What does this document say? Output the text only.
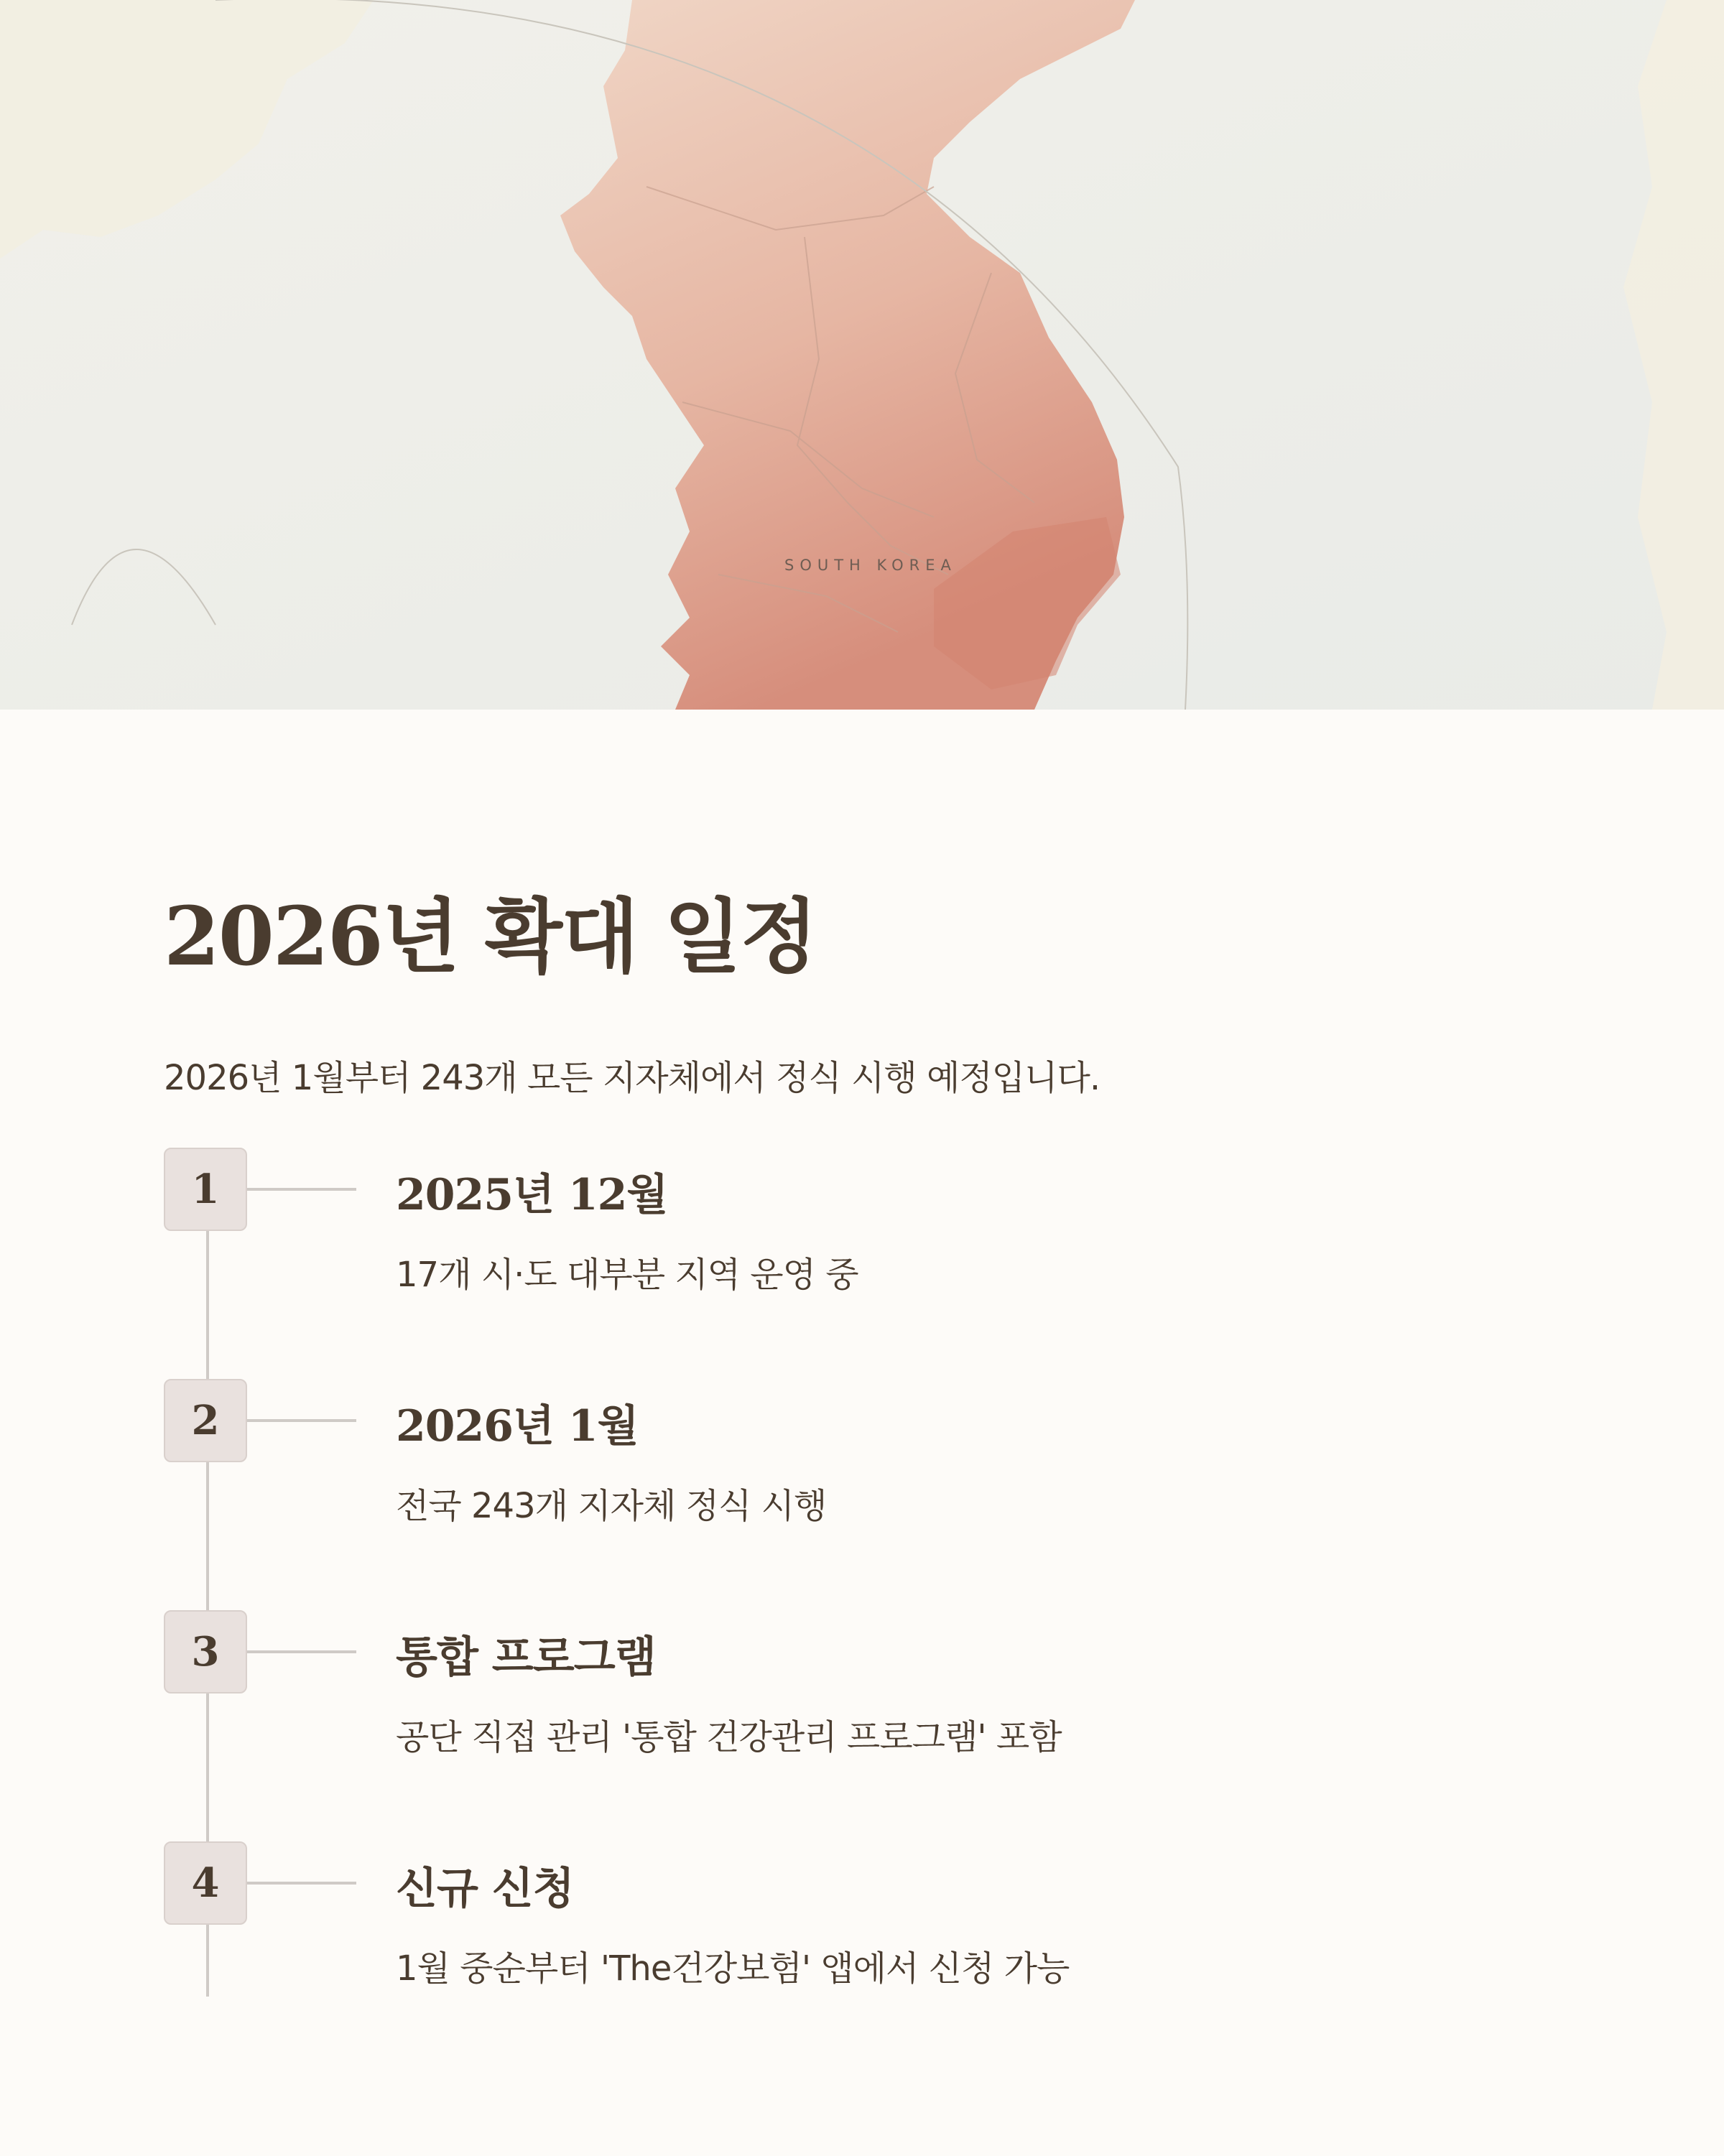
SOUTH KOREA
2026년 확대 일정

2026년 1월부터 243개 모든 지자체에서 정식 시행 예정입니다.

1	2025년 12월
17개 시·도 대부분 지역 운영 중
2	2026년 1월
전국 243개 지자체 정식 시행
3	통합 프로그램
공단 직접 관리 '통합 건강관리 프로그램' 포함
4	신규 신청
1월 중순부터 'The건강보험' 앱에서 신청 가능
